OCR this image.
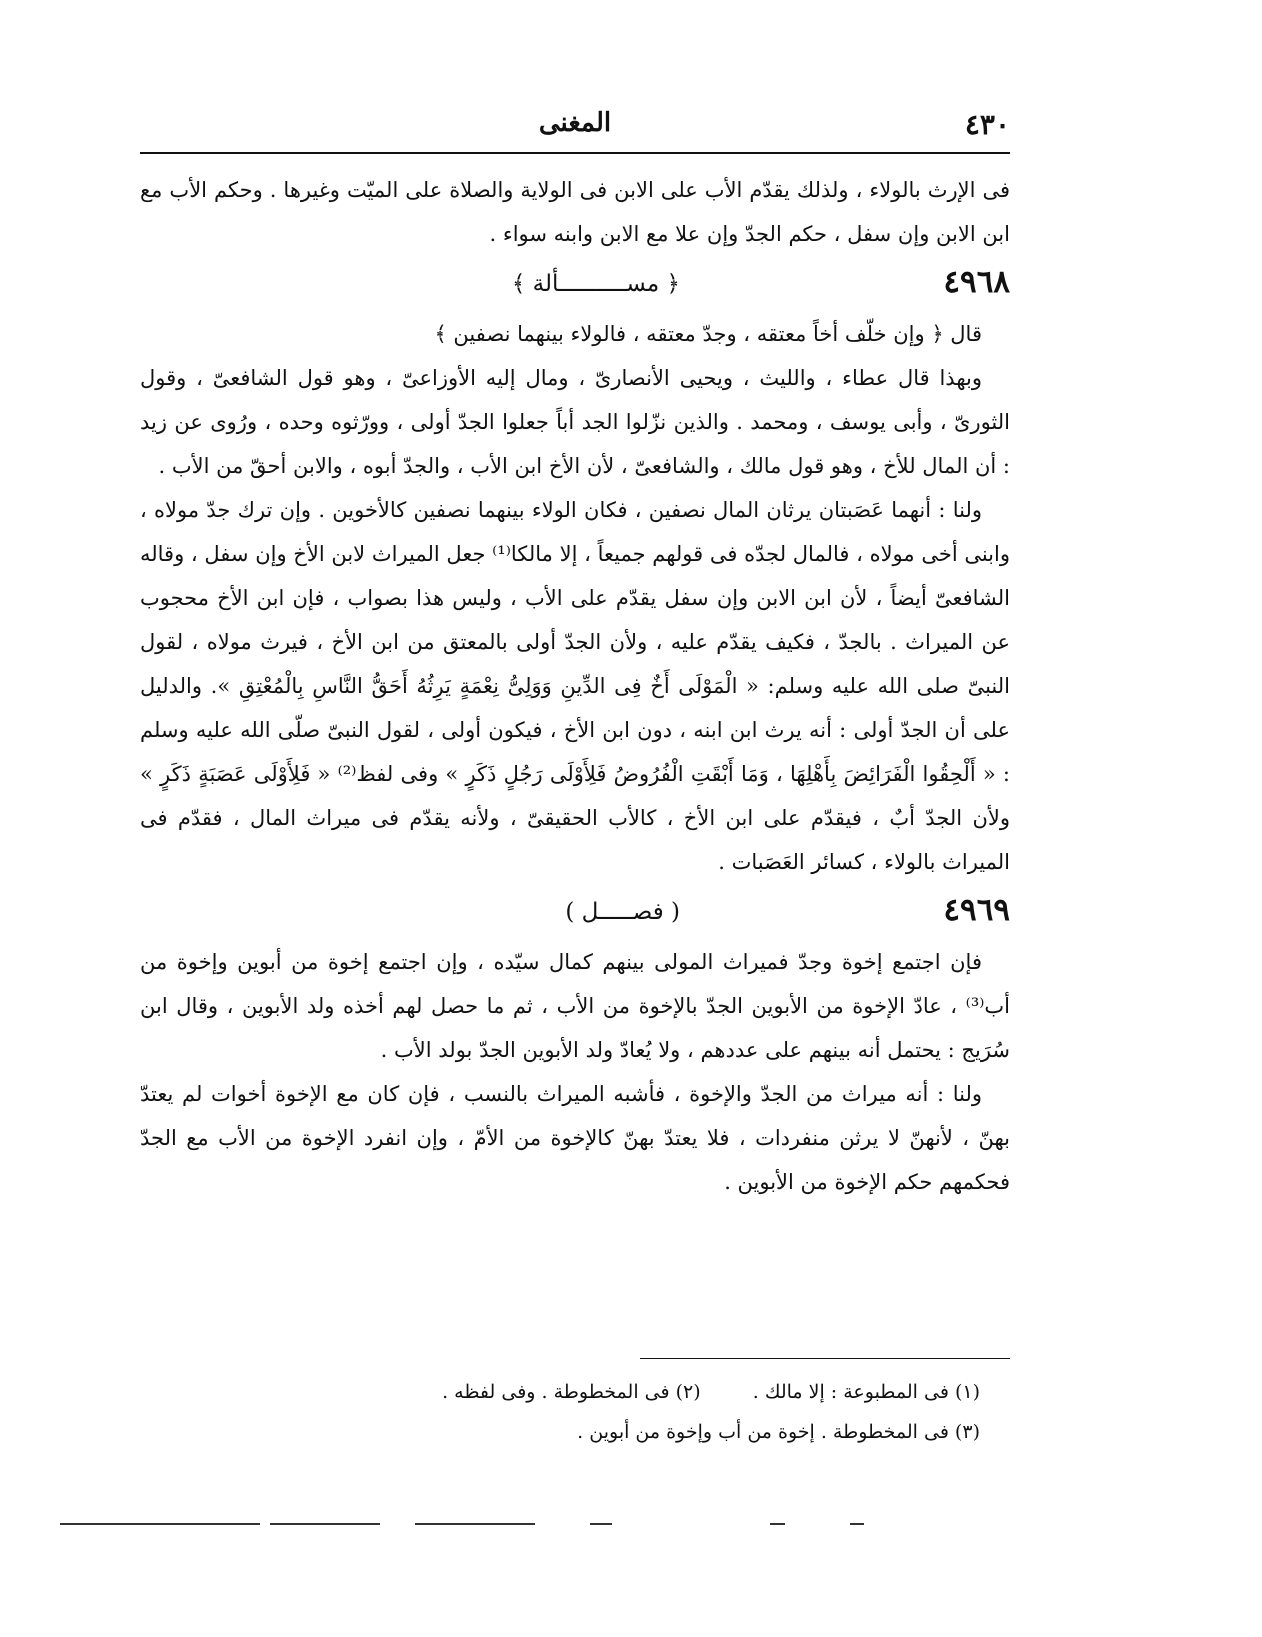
٤٣٠
المغنى

فى الإرث بالولاء ، ولذلك يقدّم الأب على الابن فى الولاية والصلاة على الميّت وغيرها . وحكم الأب مع ابن الابن وإن سفل ، حكم الجدّ وإن علا مع الابن وابنه سواء .

٤٩٦٨
﴿ مســــــــــألة ﴾

قال ﴿ وإن خلّف أخاً معتقه ، وجدّ معتقه ، فالولاء بينهما نصفين ﴾

وبهذا قال عطاء ، والليث ، ويحيى الأنصارىّ ، ومال إليه الأوزاعىّ ، وهو قول الشافعىّ ، وقول الثورىّ ، وأبى يوسف ، ومحمد . والذين نزّلوا الجد أباً جعلوا الجدّ أولى ، وورّثوه وحده ، ورُوى عن زيد : أن المال للأخ ، وهو قول مالك ، والشافعىّ ، لأن الأخ ابن الأب ، والجدّ أبوه ، والابن أحقّ من الأب .

ولنا : أنهما عَصَبتان يرثان المال نصفين ، فكان الولاء بينهما نصفين كالأخوين . وإن ترك جدّ مولاه ، وابنى أخى مولاه ، فالمال لجدّه فى قولهم جميعاً ، إلا مالكا⁽¹⁾ جعل الميراث لابن الأخ وإن سفل ، وقاله الشافعىّ أيضاً ، لأن ابن الابن وإن سفل يقدّم على الأب ، وليس هذا بصواب ، فإن ابن الأخ محجوب عن الميراث . بالجدّ ، فكيف يقدّم عليه ، ولأن الجدّ أولى بالمعتق من ابن الأخ ، فيرث مولاه ، لقول النبىّ صلى الله عليه وسلم: « الْمَوْلَى أَخٌ فِى الدِّينِ وَوَلِىُّ نِعْمَةٍ يَرِثُهُ أَحَقُّ النَّاسِ بِالْمُعْتِقِ ». والدليل على أن الجدّ أولى : أنه يرث ابن ابنه ، دون ابن الأخ ، فيكون أولى ، لقول النبىّ صلّى الله عليه وسلم : « أَلْحِقُوا الْفَرَائِضَ بِأَهْلِهَا ، وَمَا أَبْقَتِ الْفُرُوضُ فَلِأَوْلَى رَجُلٍ ذَكَرٍ » وفى لفظ⁽²⁾ « فَلِأَوْلَى عَصَبَةٍ ذَكَرٍ » ولأن الجدّ أبٌ ، فيقدّم على ابن الأخ ، كالأب الحقيقىّ ، ولأنه يقدّم فى ميراث المال ، فقدّم فى الميراث بالولاء ، كسائر العَصَبات .

٤٩٦٩
( فصـــــل )

فإن اجتمع إخوة وجدّ فميراث المولى بينهم كمال سيّده ، وإن اجتمع إخوة من أبوين وإخوة من أب⁽³⁾ ، عادّ الإخوة من الأبوين الجدّ بالإخوة من الأب ، ثم ما حصل لهم أخذه ولد الأبوين ، وقال ابن سُرَيج : يحتمل أنه بينهم على عددهم ، ولا يُعادّ ولد الأبوين الجدّ بولد الأب .

ولنا : أنه ميراث من الجدّ والإخوة ، فأشبه الميراث بالنسب ، فإن كان مع الإخوة أخوات لم يعتدّ بهنّ ، لأنهنّ لا يرثن منفردات ، فلا يعتدّ بهنّ كالإخوة من الأمّ ، وإن انفرد الإخوة من الأب مع الجدّ فحكمهم حكم الإخوة من الأبوين .

(١) فى المطبوعة : إلا مالك .  (٢) فى المخطوطة . وفى لفظه .

(٣) فى المخطوطة . إخوة من أب وإخوة من أبوين .
